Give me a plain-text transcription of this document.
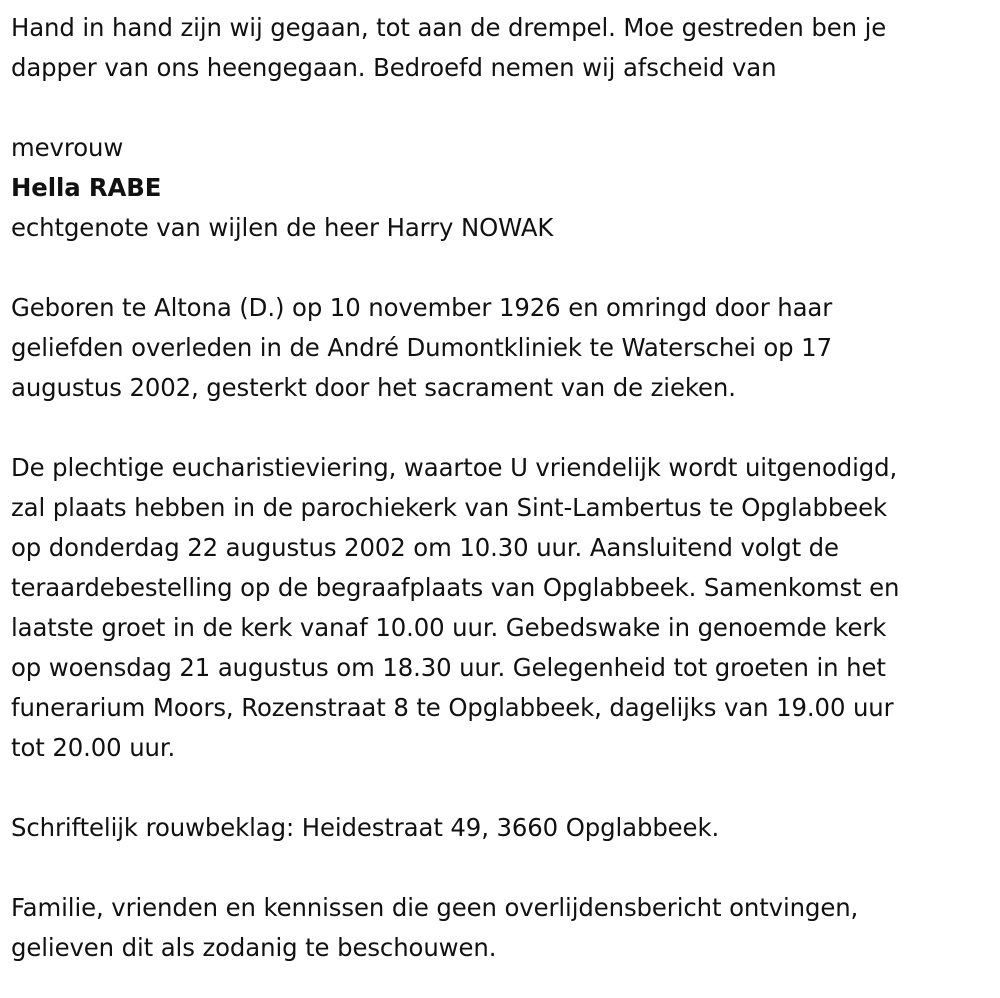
Hand in hand zijn wij gegaan, tot aan de drempel. Moe gestreden ben je
dapper van ons heengegaan. Bedroefd nemen wij afscheid van
mevrouw
Hella RABE
echtgenote van wijlen de heer Harry NOWAK
Geboren te Altona (D.) op 10 november 1926 en omringd door haar
geliefden overleden in de André Dumontkliniek te Waterschei op 17
augustus 2002, gesterkt door het sacrament van de zieken.
De plechtige eucharistieviering, waartoe U vriendelijk wordt uitgenodigd,
zal plaats hebben in de parochiekerk van Sint-Lambertus te Opglabbeek
op donderdag 22 augustus 2002 om 10.30 uur. Aansluitend volgt de
teraardebestelling op de begraafplaats van Opglabbeek. Samenkomst en
laatste groet in de kerk vanaf 10.00 uur. Gebedswake in genoemde kerk
op woensdag 21 augustus om 18.30 uur. Gelegenheid tot groeten in het
funerarium Moors, Rozenstraat 8 te Opglabbeek, dagelijks van 19.00 uur
tot 20.00 uur.
Schriftelijk rouwbeklag: Heidestraat 49, 3660 Opglabbeek.
Familie, vrienden en kennissen die geen overlijdensbericht ontvingen,
gelieven dit als zodanig te beschouwen.
